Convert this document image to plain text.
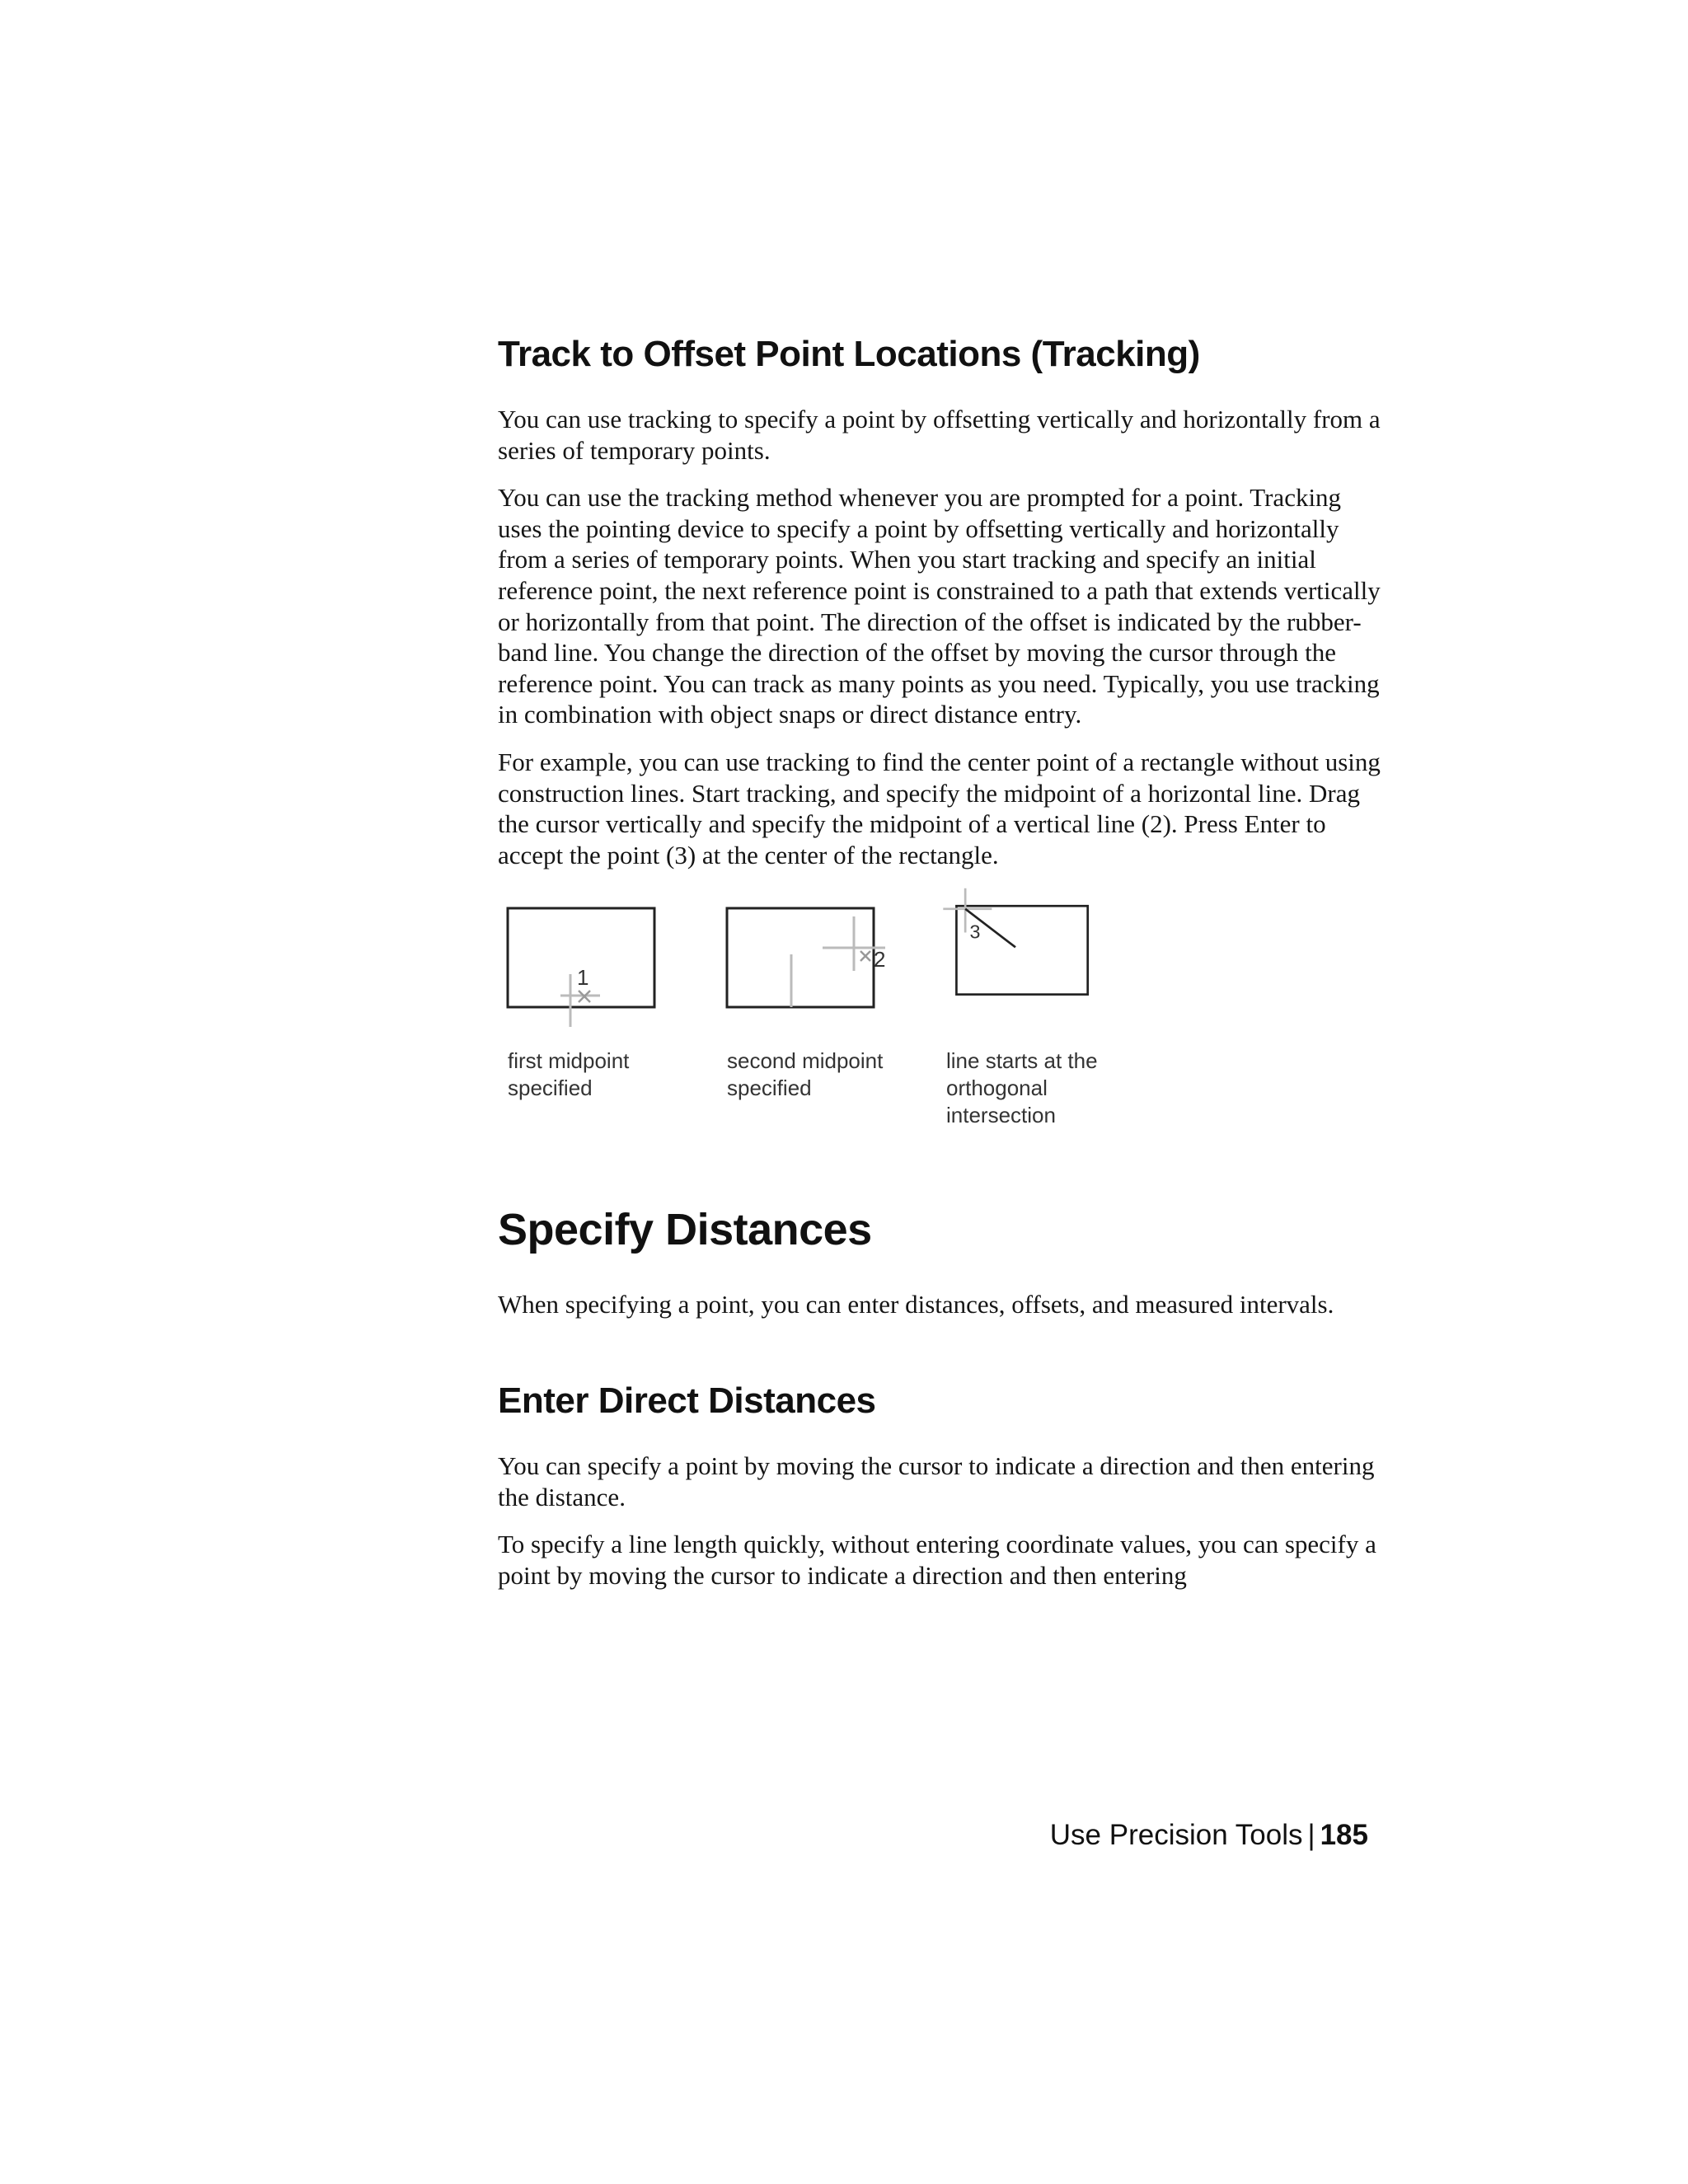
Track to Offset Point Locations (Tracking)

You can use tracking to specify a point by offsetting vertically and horizontally from a series of temporary points.

You can use the tracking method whenever you are prompted for a point. Tracking uses the pointing device to specify a point by offsetting vertically and horizontally from a series of temporary points. When you start tracking and specify an initial reference point, the next reference point is constrained to a path that extends vertically or horizontally from that point. The direction of the offset is indicated by the rubber-band line. You change the direction of the offset by moving the cursor through the reference point. You can track as many points as you need. Typically, you use tracking in combination with object snaps or direct distance entry.

For example, you can use tracking to find the center point of a rectangle without using construction lines. Start tracking, and specify the midpoint of a horizontal line. Drag the cursor vertically and specify the midpoint of a vertical line (2). Press Enter to accept the point (3) at the center of the rectangle.

1
first midpoint
specified
2
second midpoint
specified
3
line starts at the
orthogonal
intersection
Specify Distances

When specifying a point, you can enter distances, offsets, and measured intervals.

Enter Direct Distances

You can specify a point by moving the cursor to indicate a direction and then entering the distance.

To specify a line length quickly, without entering coordinate values, you can specify a point by moving the cursor to indicate a direction and then entering

Use Precision Tools | 185
